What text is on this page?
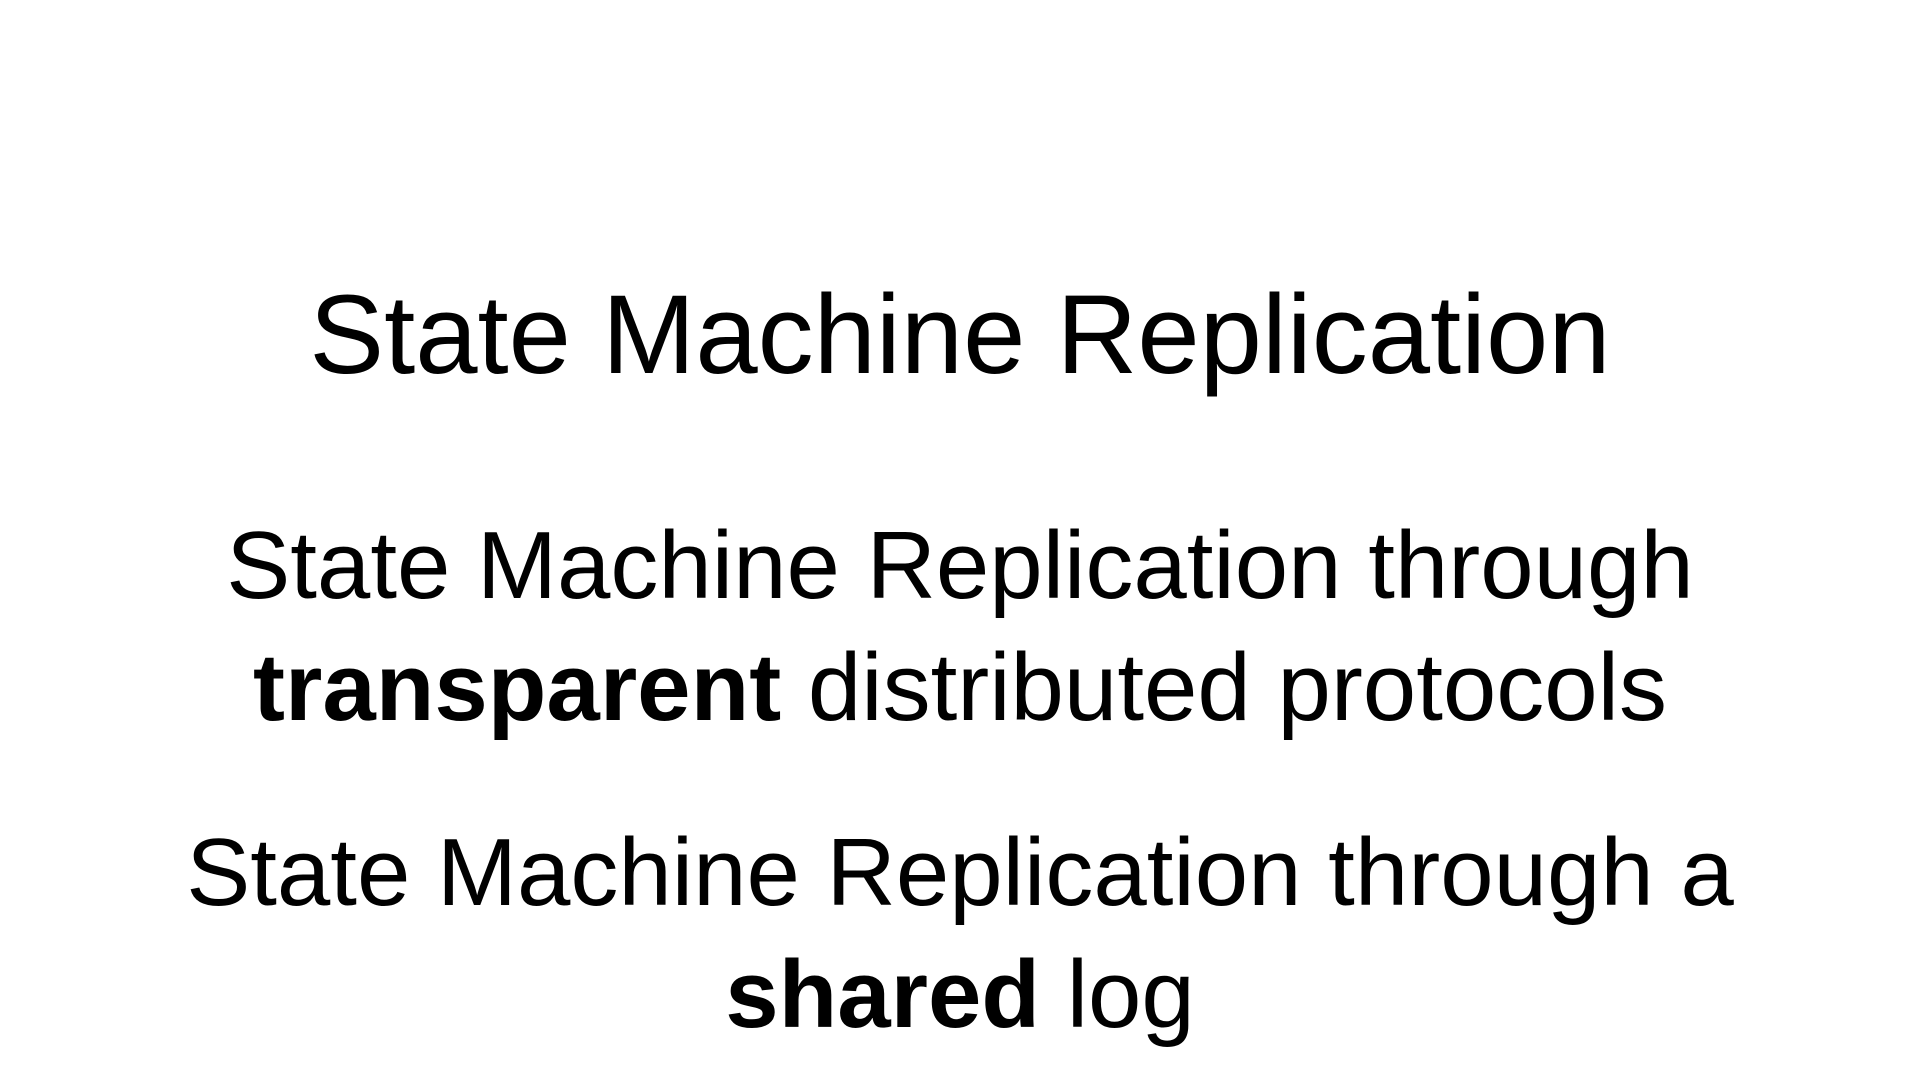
State Machine Replication

State Machine Replication through
transparent distributed protocols

State Machine Replication through a
shared log
